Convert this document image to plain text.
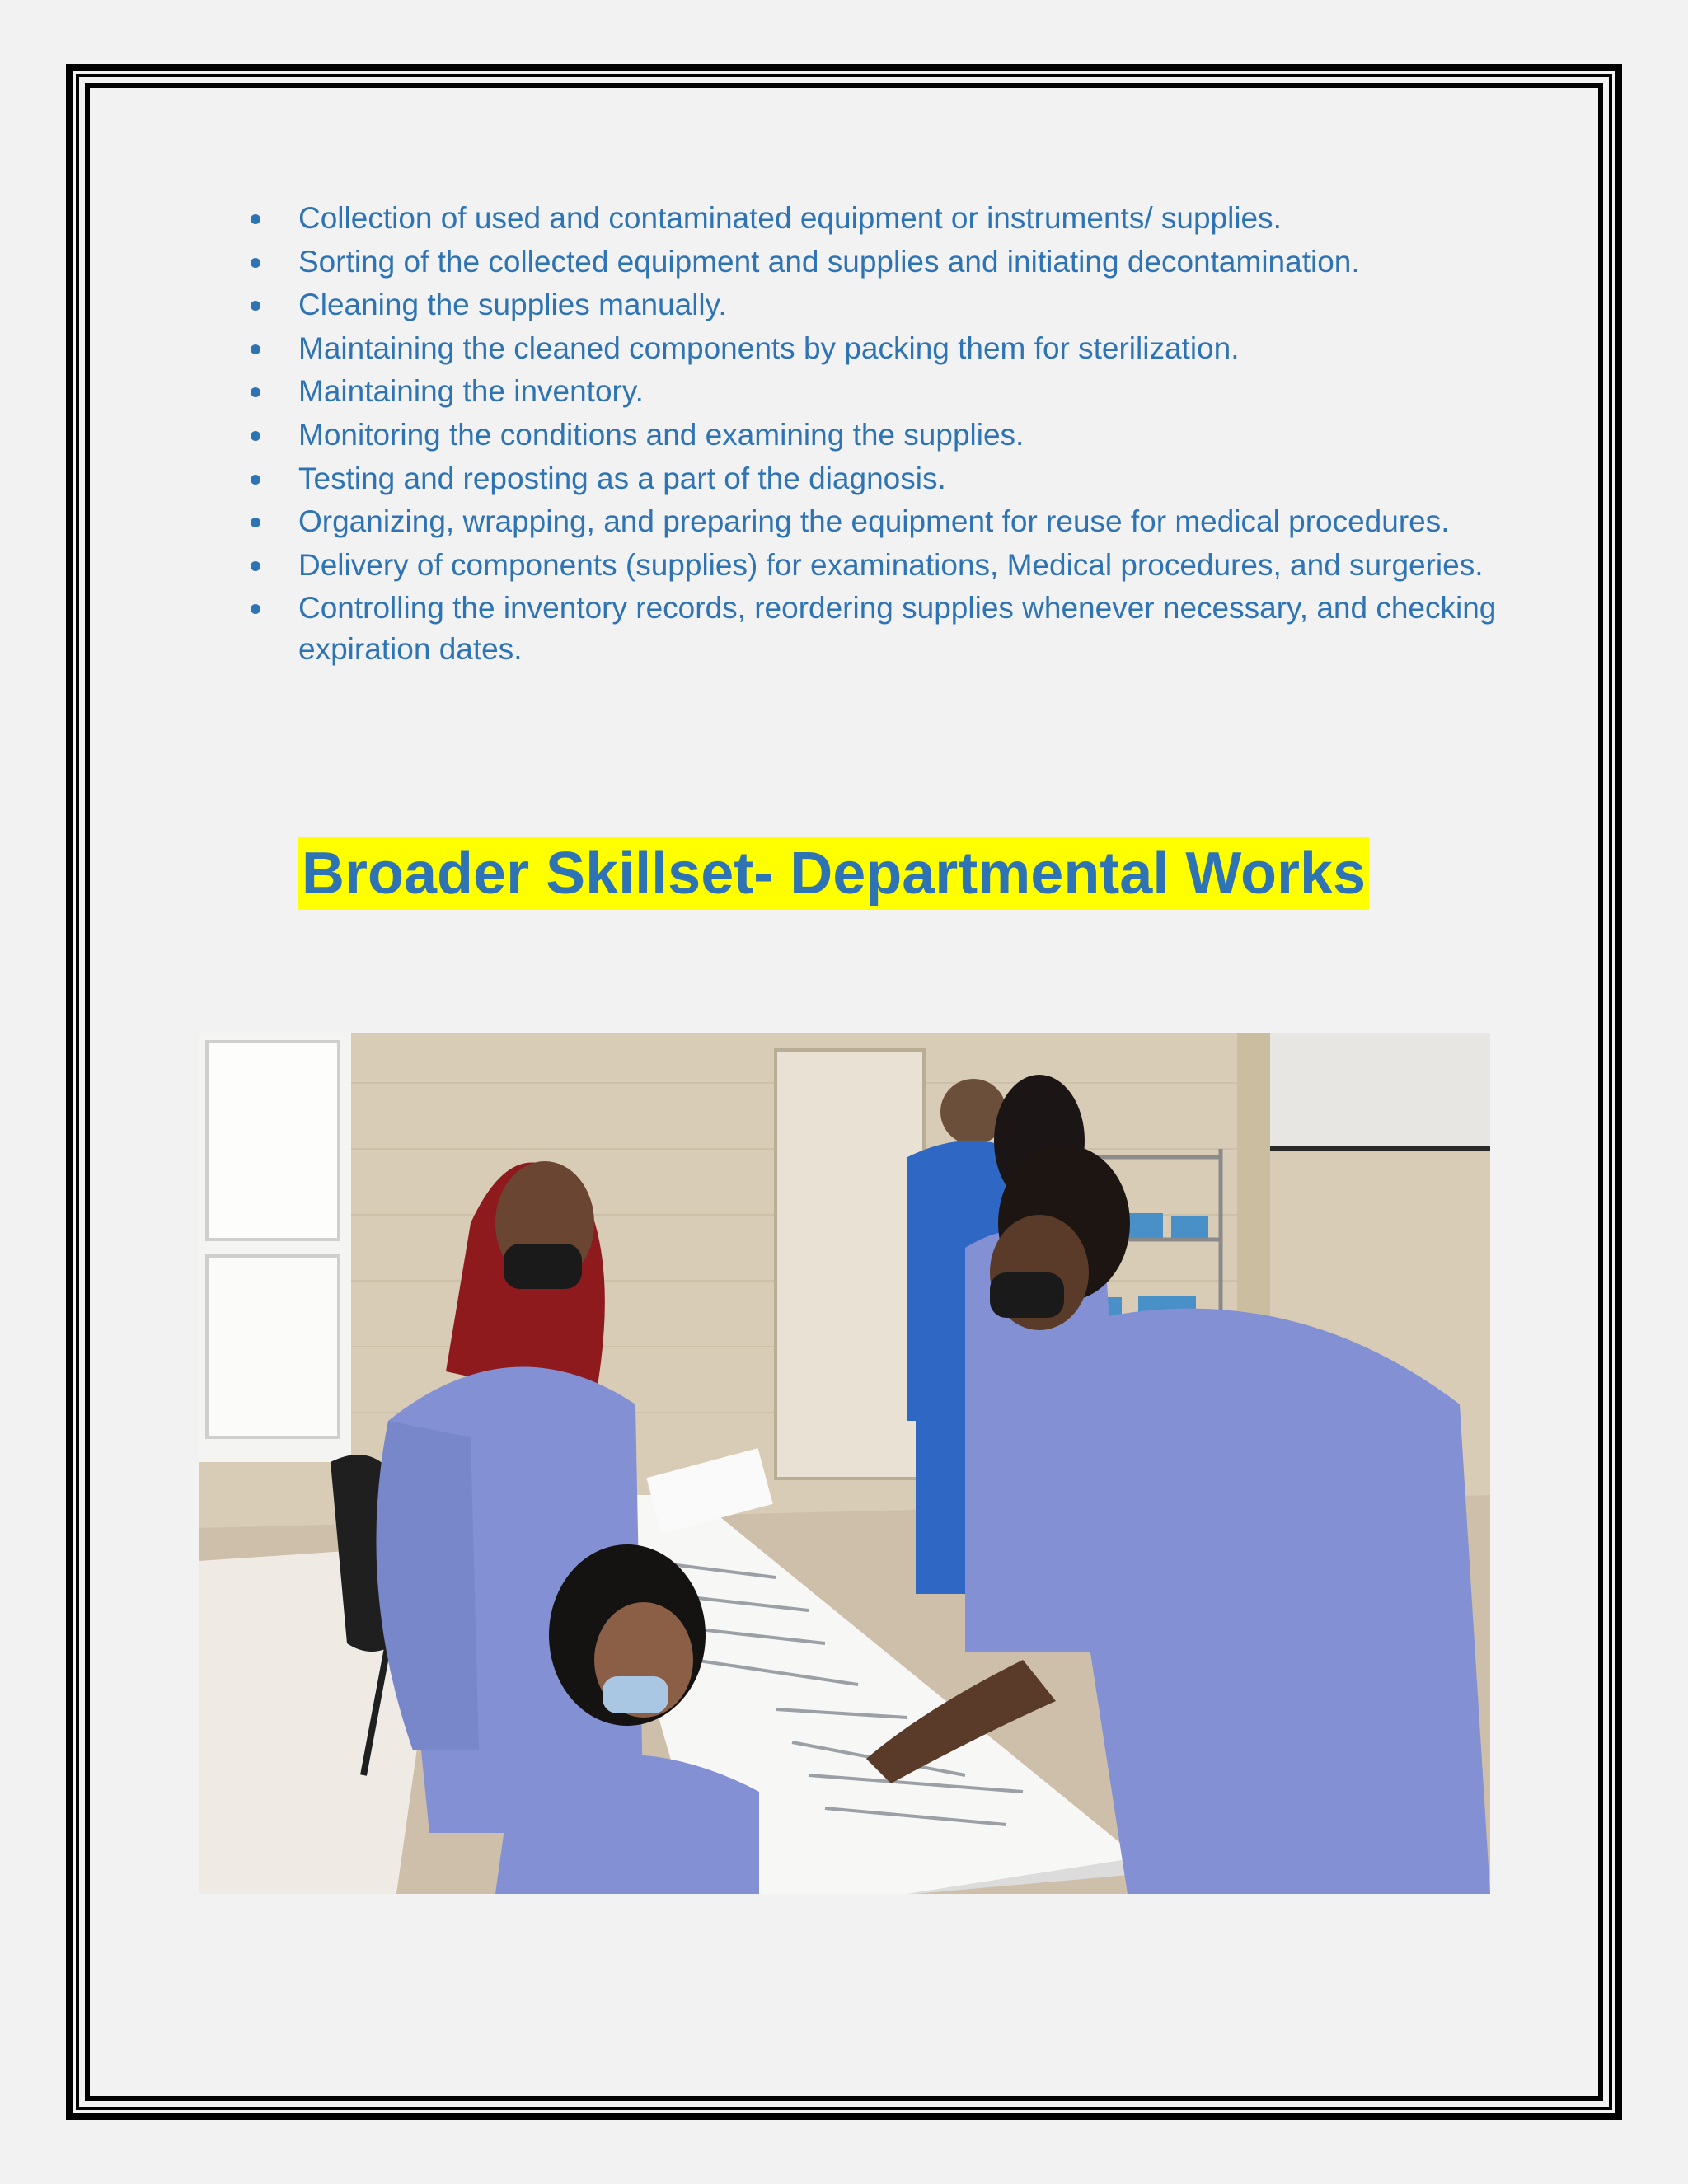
Collection of used and contaminated equipment or instruments/ supplies.
Sorting of the collected equipment and supplies and initiating decontamination.
Cleaning the supplies manually.
Maintaining the cleaned components by packing them for sterilization.
Maintaining the inventory.
Monitoring the conditions and examining the supplies.
Testing and reposting as a part of the diagnosis.
Organizing, wrapping, and preparing the equipment for reuse for medical procedures.
Delivery of components (supplies) for examinations, Medical procedures, and surgeries.
Controlling the inventory records, reordering supplies whenever necessary, and checking expiration dates.
Broader Skillset- Departmental Works
